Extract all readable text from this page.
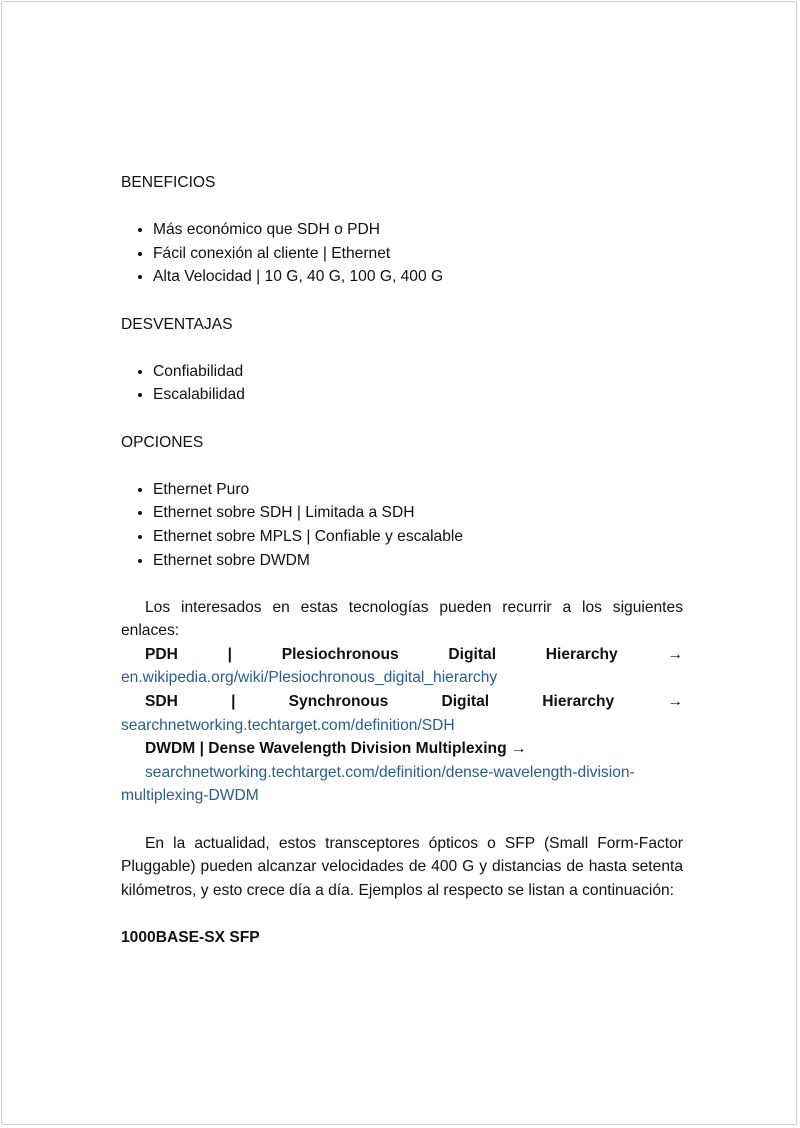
BENEFICIOS
• Más económico que SDH o PDH
• Fácil conexión al cliente | Ethernet
• Alta Velocidad | 10 G, 40 G, 100 G, 400 G
DESVENTAJAS
• Confiabilidad
• Escalabilidad
OPCIONES
• Ethernet Puro
• Ethernet sobre SDH | Limitada a SDH
• Ethernet sobre MPLS | Confiable y escalable
• Ethernet sobre DWDM

Los interesados en estas tecnologías pueden recurrir a los siguientes enlaces:

PDH | Plesiochronous Digital Hierarchy → en.wikipedia.org/wiki/Plesiochronous_digital_hierarchy

SDH | Synchronous Digital Hierarchy → searchnetworking.techtarget.com/definition/SDH

DWDM | Dense Wavelength Division Multiplexing →

searchnetworking.techtarget.com/definition/dense-wavelength-division-multiplexing-DWDM

En la actualidad, estos transceptores ópticos o SFP (Small Form-Factor Pluggable) pueden alcanzar velocidades de 400 G y distancias de hasta setenta kilómetros, y esto crece día a día. Ejemplos al respecto se listan a continuación:

1000BASE-SX SFP
